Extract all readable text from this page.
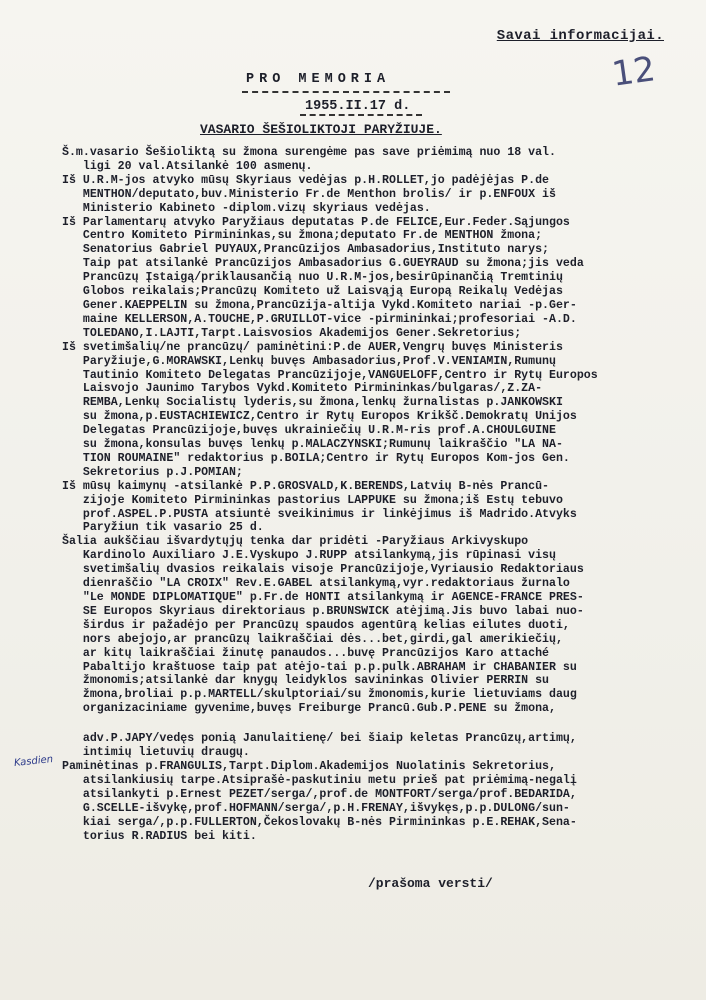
Savai informacijai.
12
PRO MEMORIA
1955.II.17 d.
VASARIO ŠEŠIOLIKTOJI PARYŽIUJE.

Š.m.vasario Šešioliktą su žmona surengėme pas save priėmimą nuo 18 val.

ligi 20 val.Atsilankė 100 asmenų.

Iš U.R.M-jos atvyko mūsų Skyriaus vedėjas p.H.ROLLET,jo padėjėjas P.de

MENTHON/deputato,buv.Ministerio Fr.de Menthon brolis/ ir p.ENFOUX iš

Ministerio Kabineto -diplom.vizų skyriaus vedėjas.

Iš Parlamentarų atvyko Paryžiaus deputatas P.de FELICE,Eur.Feder.Sąjungos

Centro Komiteto Pirmininkas,su žmona;deputato Fr.de MENTHON žmona;

Senatorius Gabriel PUYAUX,Prancūzijos Ambasadorius,Instituto narys;

Taip pat atsilankė Prancūzijos Ambasadorius G.GUEYRAUD su žmona;jis veda

Prancūzų Įstaigą/priklausančią nuo U.R.M-jos,besirūpinančią Tremtinių

Globos reikalais;Prancūzų Komiteto už Laisvąją Europą Reikalų Vedėjas

Gener.KAEPPELIN su žmona,Prancūzija-altija Vykd.Komiteto nariai -p.Ger-

maine KELLERSON,A.TOUCHE,P.GRUILLOT-vice -pirmininkai;profesoriai -A.D.

TOLEDANO,I.LAJTI,Tarpt.Laisvosios Akademijos Gener.Sekretorius;

Iš svetimšalių/ne prancūzų/ paminėtini:P.de AUER,Vengrų buvęs Ministeris

Paryžiuje,G.MORAWSKI,Lenkų buvęs Ambasadorius,Prof.V.VENIAMIN,Rumunų

Tautinio Komiteto Delegatas Prancūzijoje,VANGUELOFF,Centro ir Rytų Europos

Laisvojo Jaunimo Tarybos Vykd.Komiteto Pirmininkas/bulgaras/,Z.ZA-

REMBA,Lenkų Socialistų lyderis,su žmona,lenkų žurnalistas p.JANKOWSKI

su žmona,p.EUSTACHIEWICZ,Centro ir Rytų Europos Krikšč.Demokratų Unijos

Delegatas Prancūzijoje,buvęs ukrainiečių U.R.M-ris prof.A.CHOULGUINE

su žmona,konsulas buvęs lenkų p.MALACZYNSKI;Rumunų laikraščio "LA NA-

TION ROUMAINE" redaktorius p.BOILA;Centro ir Rytų Europos Kom-jos Gen.

Sekretorius p.J.POMIAN;

Iš mūsų kaimynų -atsilankė P.P.GROSVALD,K.BERENDS,Latvių B-nės Prancū-

zijoje Komiteto Pirmininkas pastorius LAPPUKE su žmona;iš Estų tebuvo

prof.ASPEL.P.PUSTA atsiuntė sveikinimus ir linkėjimus iš Madrido.Atvyks

Paryžiun tik vasario 25 d.

Šalia aukščiau išvardytųjų tenka dar pridėti -Paryžiaus Arkivyskupo

Kardinolo Auxiliaro J.E.Vyskupo J.RUPP atsilankymą,jis rūpinasi visų

svetimšalių dvasios reikalais visoje Prancūzijoje,Vyriausio Redaktoriaus

dienraščio "LA CROIX" Rev.E.GABEL atsilankymą,vyr.redaktoriaus žurnalo

"Le MONDE DIPLOMATIQUE" p.Fr.de HONTI atsilankymą ir AGENCE-FRANCE PRES-

SE Europos Skyriaus direktoriaus p.BRUNSWICK atėjimą.Jis buvo labai nuo-

širdus ir pažadėjo per Prancūzų spaudos agentūrą kelias eilutes duoti,

nors abejojo,ar prancūzų laikraščiai dės...bet,girdi,gal amerikiečių,

ar kitų laikraščiai žinutę panaudos...buvę Prancūzijos Karo attaché

Pabaltijo kraštuose taip pat atėjo-tai p.p.pulk.ABRAHAM ir CHABANIER su

žmonomis;atsilankė dar knygų leidyklos savininkas Olivier PERRIN su

žmona,broliai p.p.MARTELL/skulptoriai/su žmonomis,kurie lietuviams daug

organizaciniame gyvenime,buvęs Freiburge Prancū.Gub.P.PENE su žmona,

adv.P.JAPY/vedęs ponią Janulaitienę/ bei šiaip keletas Prancūzų,artimų,

intimių lietuvių draugų.

Paminėtinas p.FRANGULIS,Tarpt.Diplom.Akademijos Nuolatinis Sekretorius,

atsilankiusių tarpe.Atsiprašė-paskutiniu metu prieš pat priėmimą-negalį

atsilankyti p.Ernest PEZET/serga/,prof.de MONTFORT/serga/prof.BEDARIDA,

G.SCELLE-išvykę,prof.HOFMANN/serga/,p.H.FRENAY,išvykęs,p.p.DULONG/sun-

kiai serga/,p.p.FULLERTON,Čekoslovakų B-nės Pirmininkas p.E.REHAK,Sena-

torius R.RADIUS bei kiti.

Kasdien
/prašoma versti/
